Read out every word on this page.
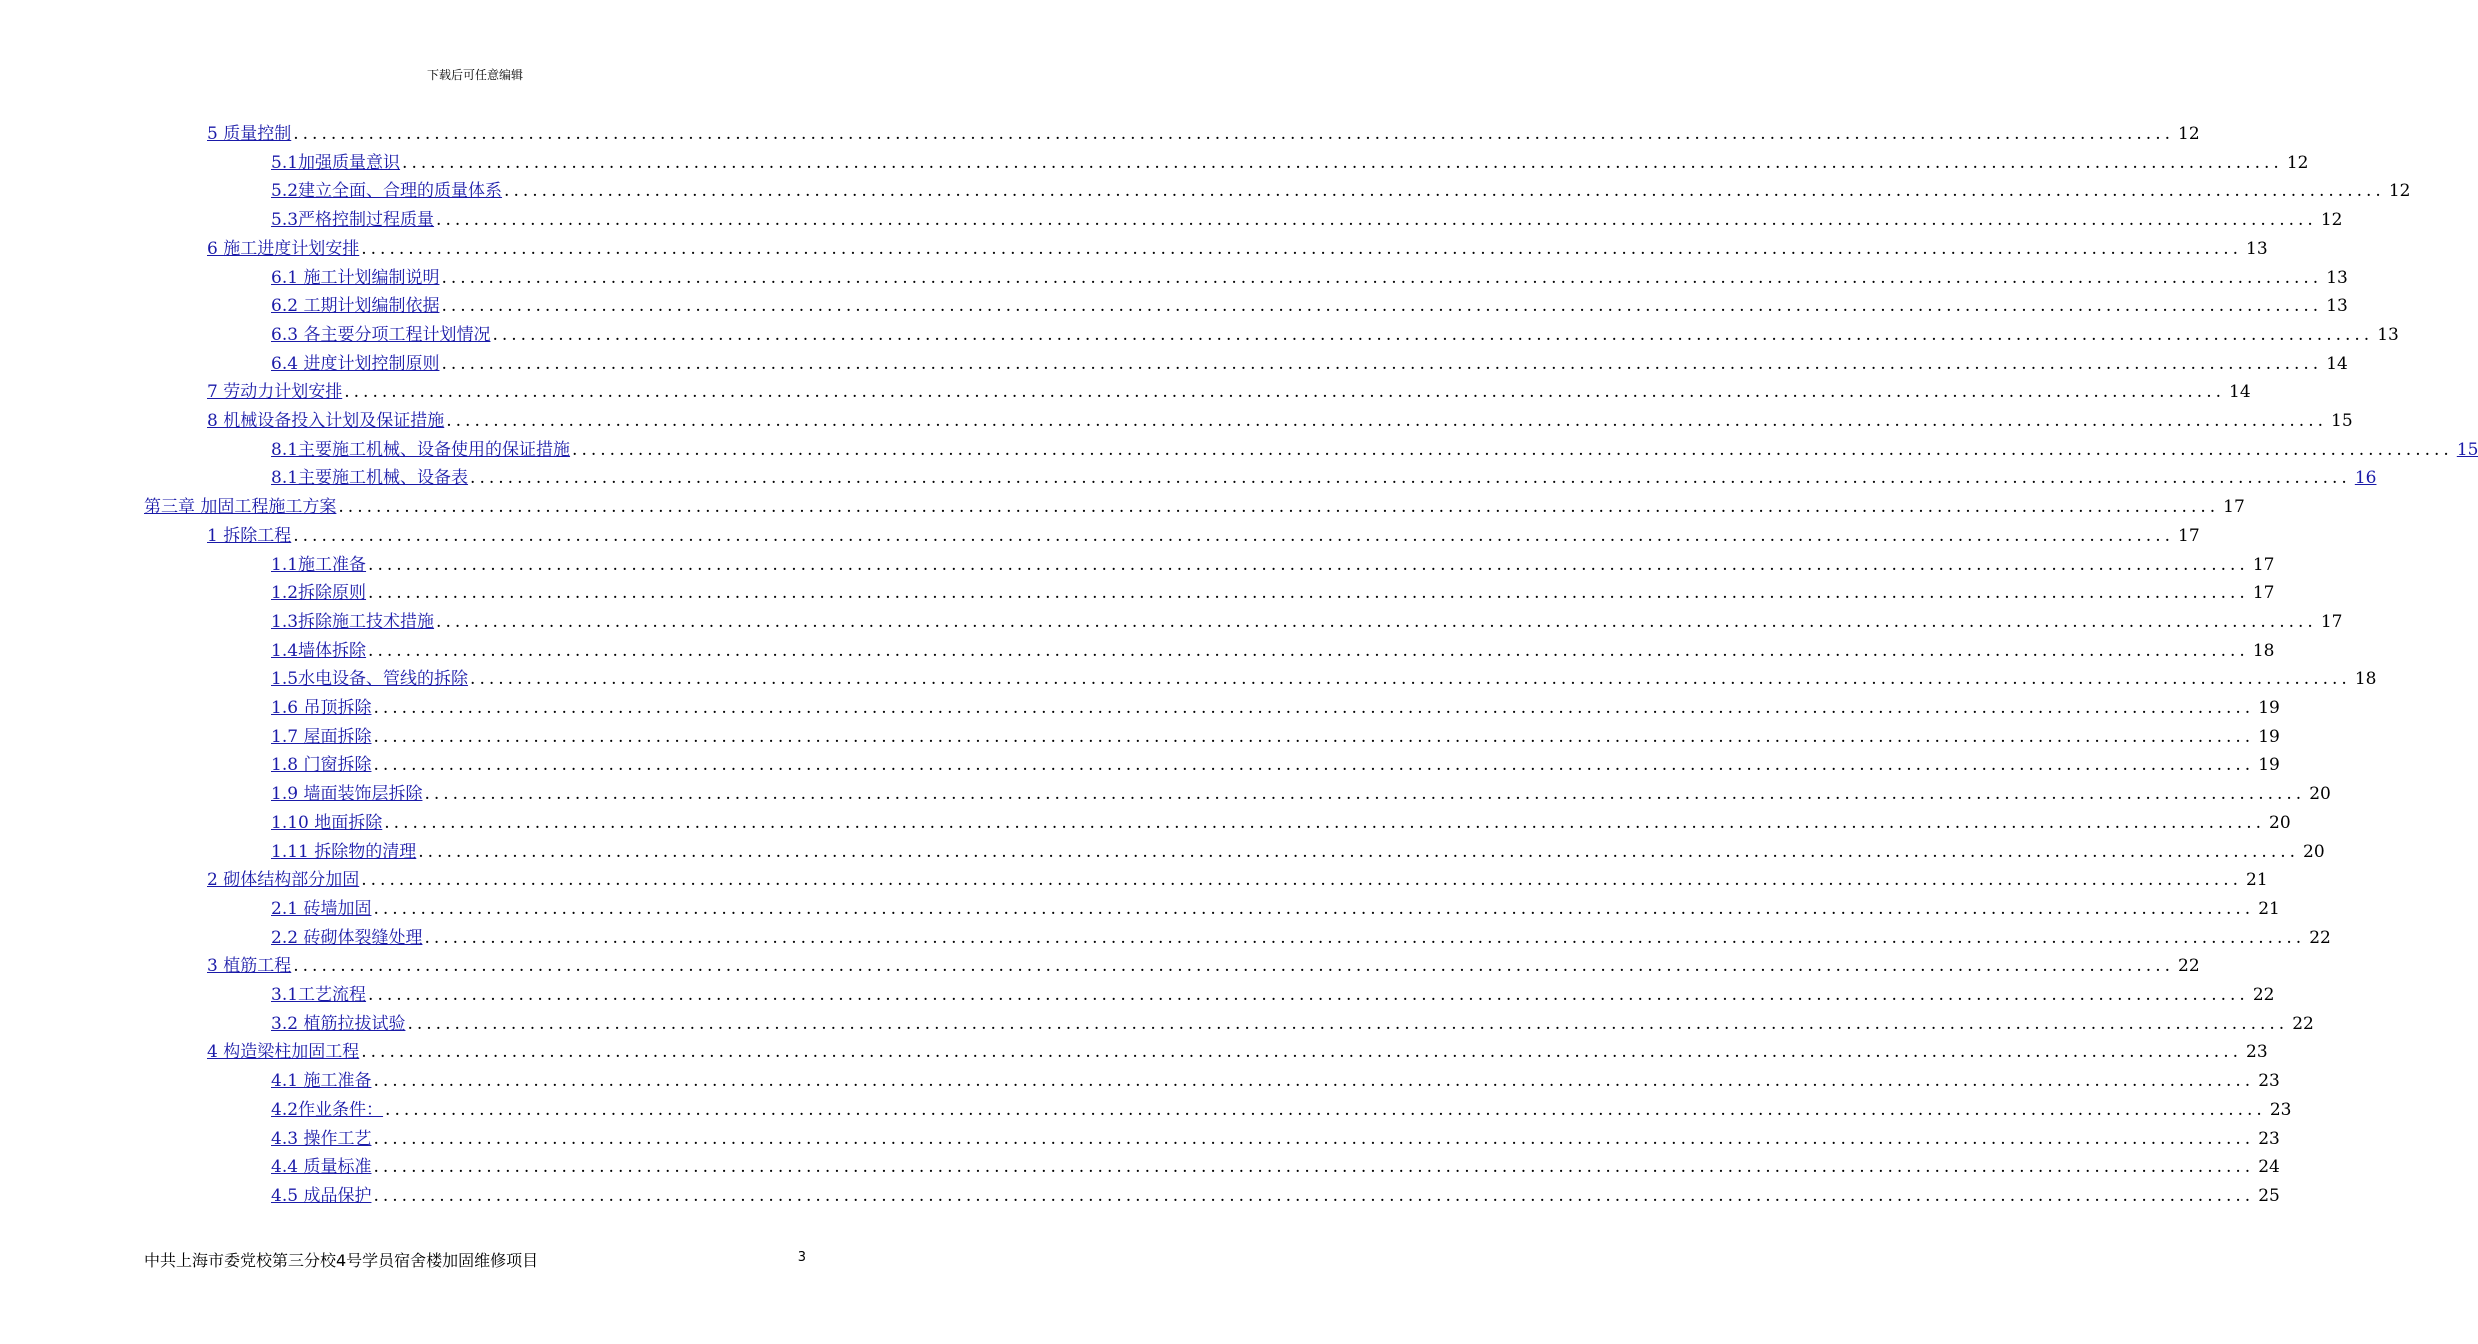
下载后可任意编辑
5 质量控制 ........................................................................................................................................................................................................ 12
5.1加强质量意识 ........................................................................................................................................................................................................ 12
5.2建立全面、合理的质量体系 ........................................................................................................................................................................................................ 12
5.3严格控制过程质量 ........................................................................................................................................................................................................ 12
6 施工进度计划安排 ........................................................................................................................................................................................................ 13
6.1 施工计划编制说明 ........................................................................................................................................................................................................ 13
6.2 工期计划编制依据 ........................................................................................................................................................................................................ 13
6.3 各主要分项工程计划情况 ........................................................................................................................................................................................................ 13
6.4 进度计划控制原则 ........................................................................................................................................................................................................ 14
7 劳动力计划安排 ........................................................................................................................................................................................................ 14
8 机械设备投入计划及保证措施 ........................................................................................................................................................................................................ 15
8.1主要施工机械、设备使用的保证措施 ........................................................................................................................................................................................................ 15
8.1主要施工机械、设备表 ........................................................................................................................................................................................................ 16
第三章 加固工程施工方案 ........................................................................................................................................................................................................ 17
1 拆除工程 ........................................................................................................................................................................................................ 17
1.1施工准备 ........................................................................................................................................................................................................ 17
1.2拆除原则 ........................................................................................................................................................................................................ 17
1.3拆除施工技术措施 ........................................................................................................................................................................................................ 17
1.4墙体拆除 ........................................................................................................................................................................................................ 18
1.5水电设备、管线的拆除 ........................................................................................................................................................................................................ 18
1.6 吊顶拆除 ........................................................................................................................................................................................................ 19
1.7 屋面拆除 ........................................................................................................................................................................................................ 19
1.8 门窗拆除 ........................................................................................................................................................................................................ 19
1.9 墙面装饰层拆除 ........................................................................................................................................................................................................ 20
1.10 地面拆除 ........................................................................................................................................................................................................ 20
1.11 拆除物的清理 ........................................................................................................................................................................................................ 20
2 砌体结构部分加固 ........................................................................................................................................................................................................ 21
2.1 砖墙加固 ........................................................................................................................................................................................................ 21
2.2 砖砌体裂缝处理 ........................................................................................................................................................................................................ 22
3 植筋工程 ........................................................................................................................................................................................................ 22
3.1工艺流程 ........................................................................................................................................................................................................ 22
3.2 植筋拉拔试验 ........................................................................................................................................................................................................ 22
4 构造梁柱加固工程 ........................................................................................................................................................................................................ 23
4.1 施工准备 ........................................................................................................................................................................................................ 23
4.2作业条件： ........................................................................................................................................................................................................ 23
4.3 操作工艺 ........................................................................................................................................................................................................ 23
4.4 质量标准 ........................................................................................................................................................................................................ 24
4.5 成品保护 ........................................................................................................................................................................................................ 25
中共上海市委党校第三分校4号学员宿舍楼加固维修项目	3
